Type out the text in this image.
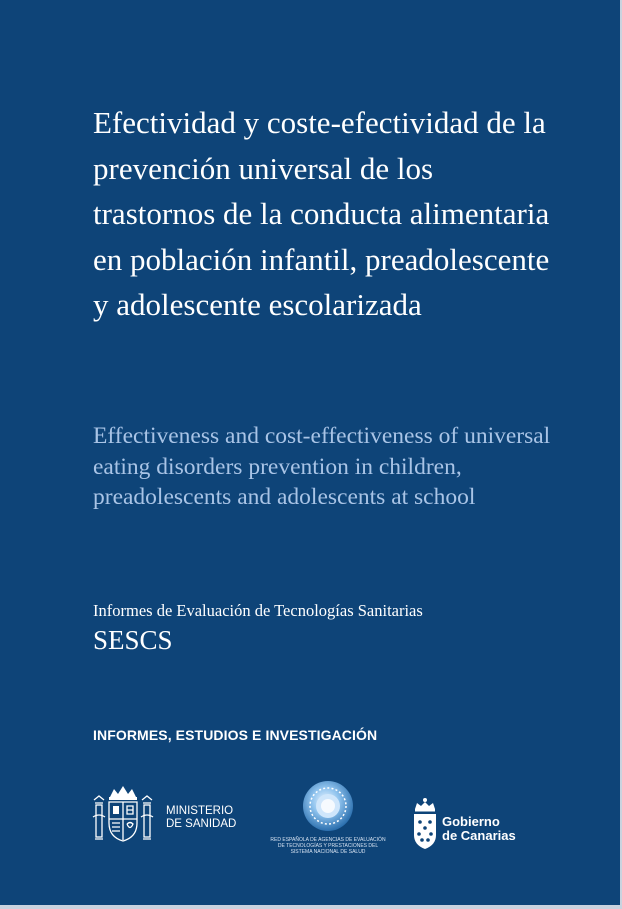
Efectividad y coste-efectividad de la prevención universal de los trastornos de la conducta alimentaria en población infantil, preadolescente y adolescente escolarizada

Effectiveness and cost-effectiveness of universal eating disorders prevention in children, preadolescents and adolescents at school

Informes de Evaluación de Tecnologías Sanitarias
SESCS
INFORMES, ESTUDIOS E INVESTIGACIÓN
MINISTERIO
DE SANIDAD
RED ESPAÑOLA DE AGENCIAS DE EVALUACIÓN DE TECNOLOGÍAS Y PRESTACIONES DEL SISTEMA NACIONAL DE SALUD
Gobierno
de Canarias
